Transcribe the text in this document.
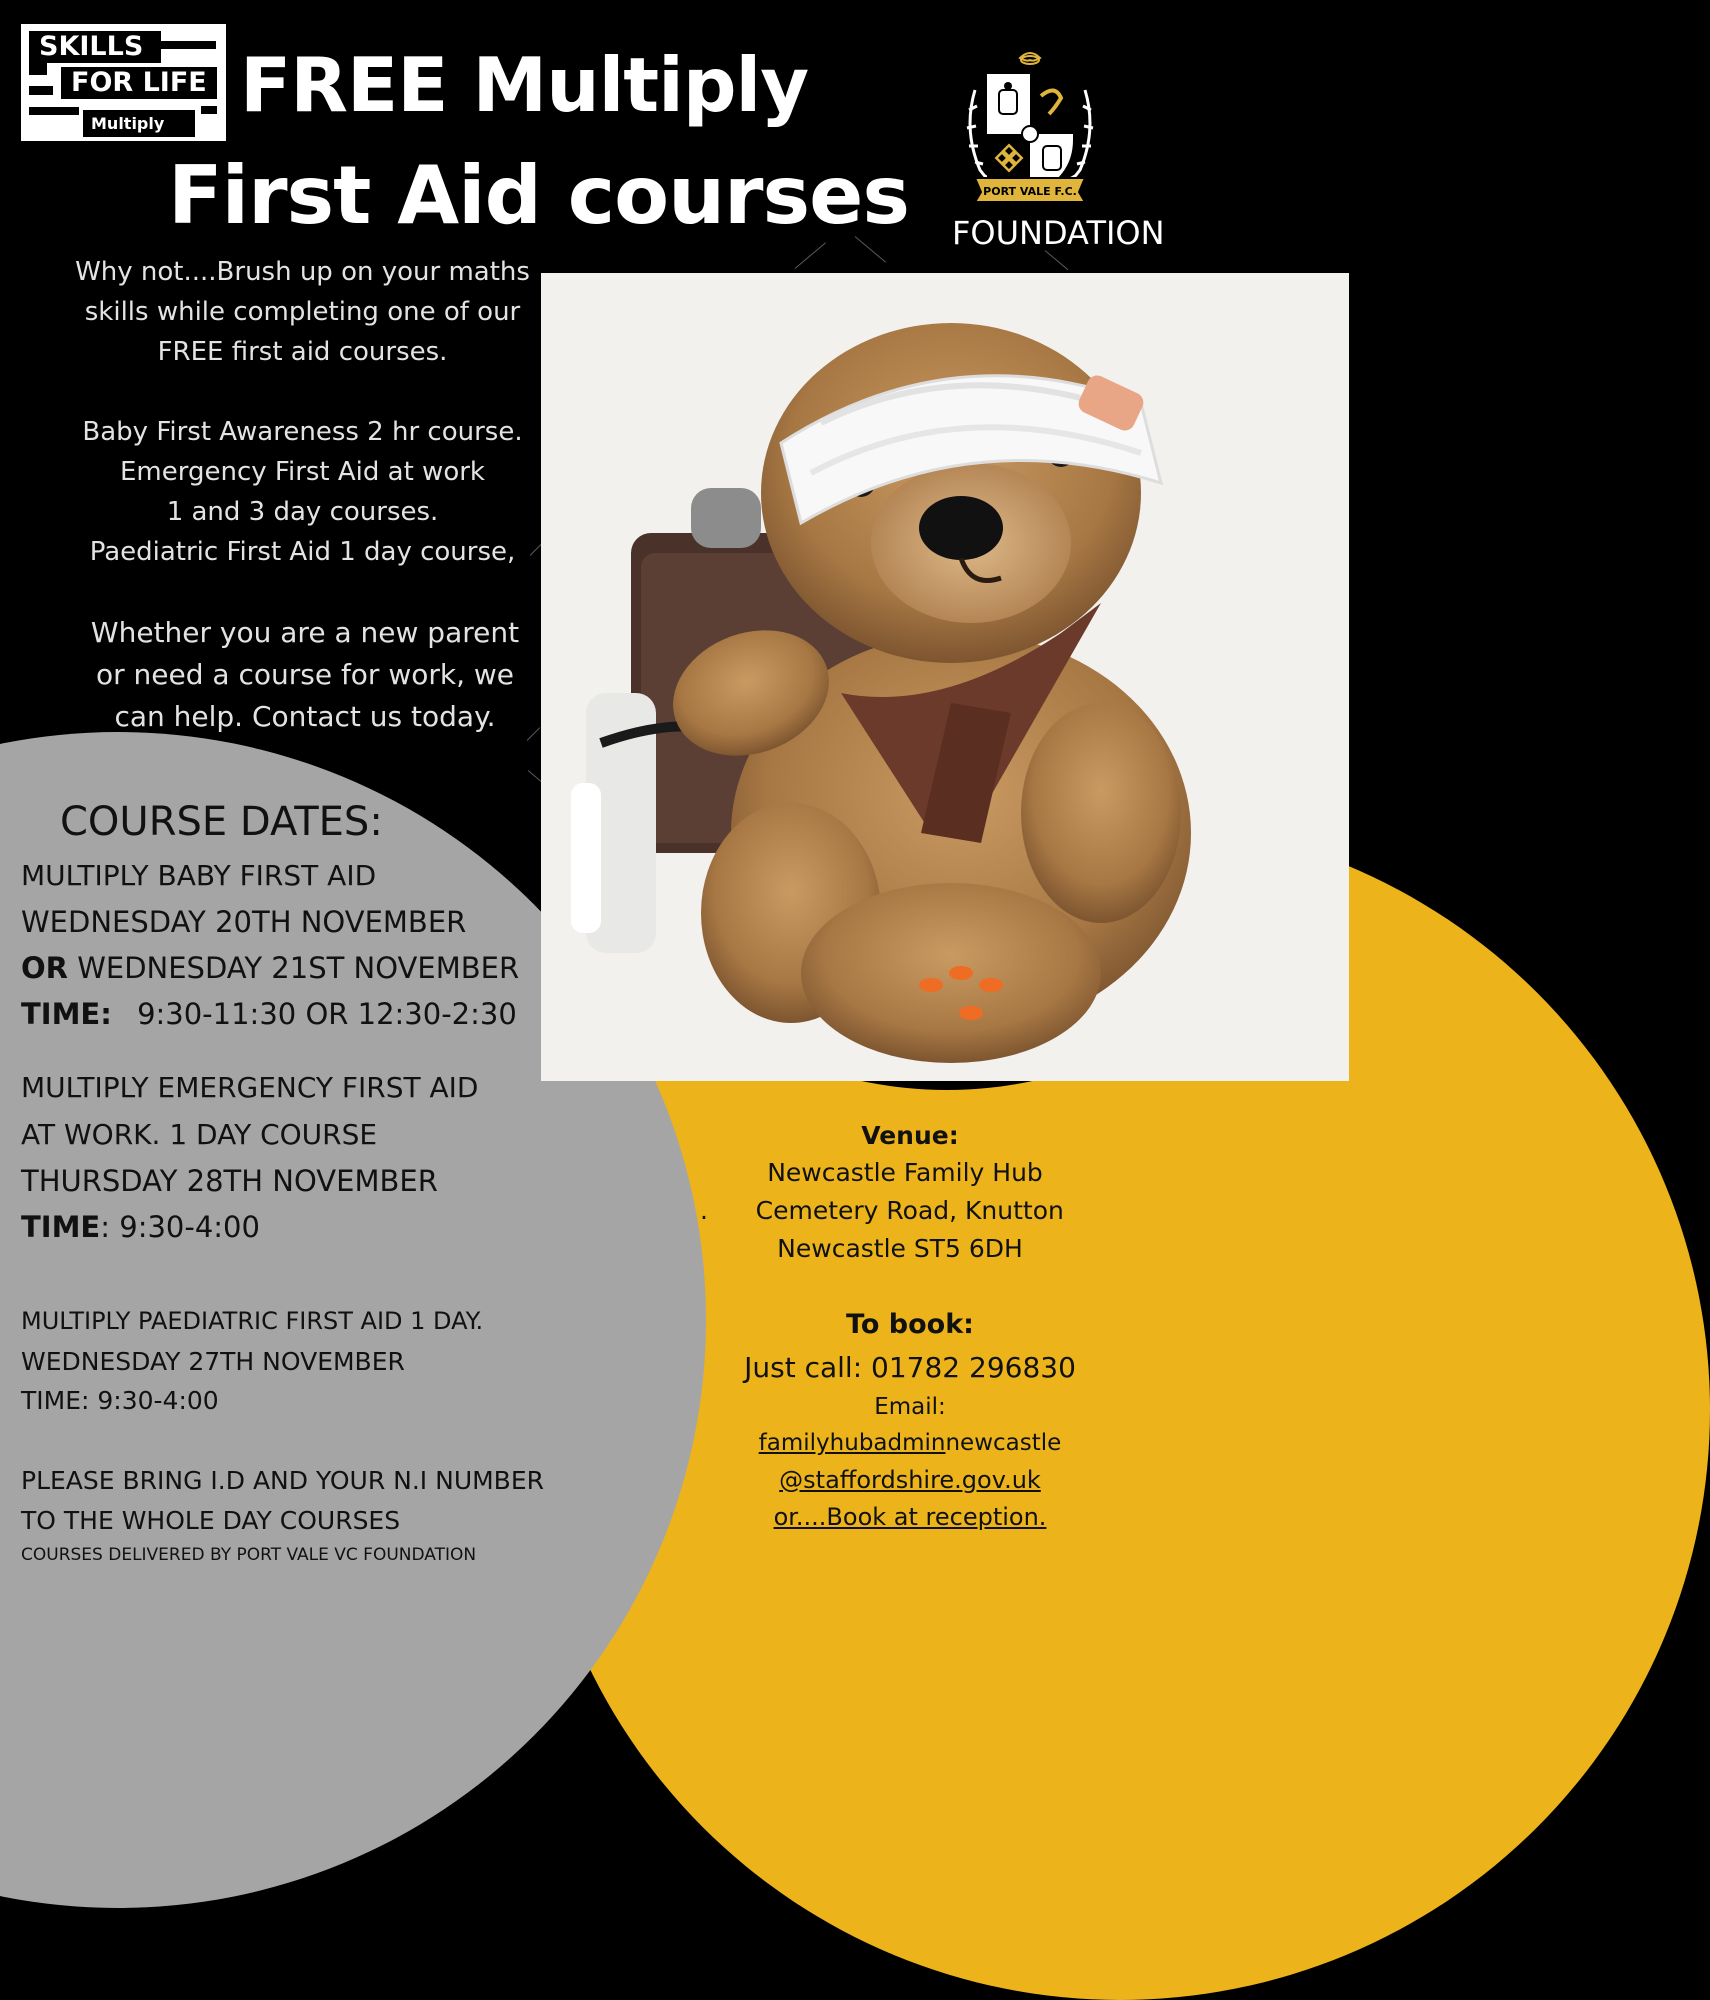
SKILLS
FOR LIFE
Multiply FREE Multiply
First Aid courses	PORT VALE F.C.
FOUNDATION
Why not....Brush up on your maths
skills while completing one of our
FREE first aid courses.
Baby First Awareness 2 hr course.
Emergency First Aid at work
1 and 3 day courses.
Paediatric First Aid 1 day course,
Whether you are a new parent
or need a course for work, we
can help. Contact us today.
COURSE DATES:
MULTIPLY BABY FIRST AID
WEDNESDAY 20TH NOVEMBER
OR WEDNESDAY 21ST NOVEMBER
TIME: 9:30-11:30 OR 12:30-2:30
MULTIPLY EMERGENCY FIRST AID
AT WORK. 1 DAY COURSE
THURSDAY 28TH NOVEMBER
TIME: 9:30-4:00
MULTIPLY PAEDIATRIC FIRST AID 1 DAY.
WEDNESDAY 27TH NOVEMBER
TIME: 9:30-4:00
PLEASE BRING I.D AND YOUR N.I NUMBER
TO THE WHOLE DAY COURSES
COURSES DELIVERED BY PORT VALE VC FOUNDATION
Venue:
Newcastle Family Hub
.      Cemetery Road, Knutton
Newcastle ST5 6DH
To book:
Just call: 01782 296830
Email:
familyhubadminnewcastle
@staffordshire.gov.uk
or....Book at reception.
